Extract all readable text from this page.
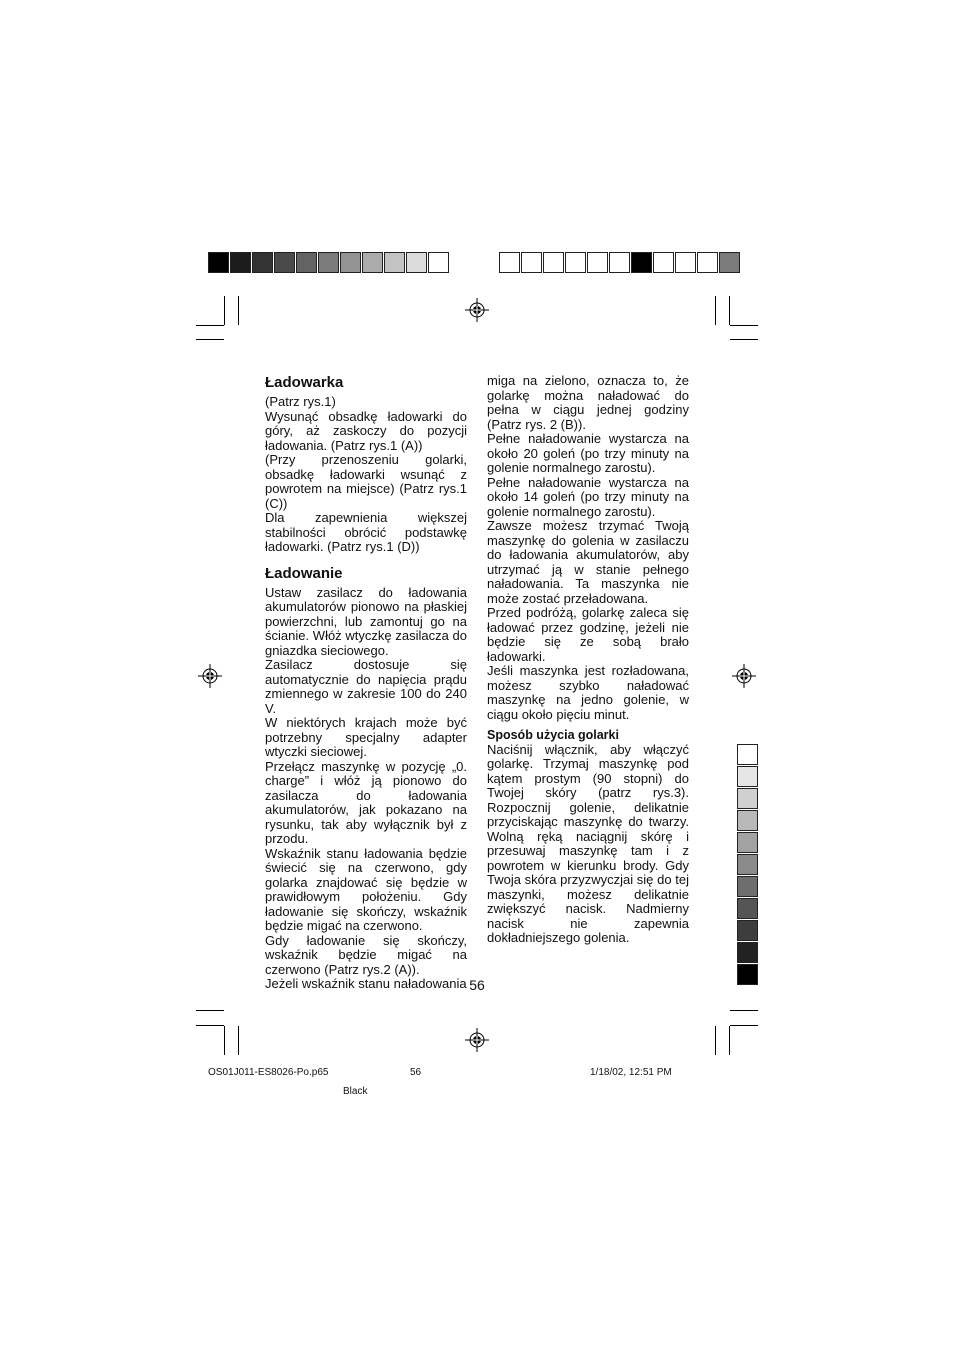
Ładowarka

(Patrz rys.1)

Wysunąć obsadkę ładowarki do góry, aż zaskoczy do pozycji ładowania. (Patrz rys.1 (A))

(Przy przenoszeniu golarki, obsadkę ładowarki wsunąć z powrotem na miejsce) (Patrz rys.1 (C))

Dla zapewnienia większej stabilności obrócić podstawkę ładowarki. (Patrz rys.1 (D))

Ładowanie

Ustaw zasilacz do ładowania akumulatorów pionowo na płaskiej powierzchni, lub zamontuj go na ścianie. Włóż wtyczkę zasilacza do gniazdka sieciowego.

Zasilacz dostosuje się automatycznie do napięcia prądu zmiennego w zakresie 100 do 240 V.

W niektórych krajach może być potrzebny specjalny adapter wtyczki sieciowej.

Przełącz maszynkę w pozycję „0. charge” i włóż ją pionowo do zasilacza do ładowania akumulatorów, jak pokazano na rysunku, tak aby wyłącznik był z przodu.

Wskaźnik stanu ładowania będzie świecić się na czerwono, gdy golarka znajdować się będzie w prawidłowym położeniu. Gdy ładowanie się skończy, wskaźnik będzie migać na czerwono.

Gdy ładowanie się skończy, wskaźnik będzie migać na czerwono (Patrz rys.2 (A)).

Jeżeli wskaźnik stanu naładowania

miga na zielono, oznacza to, że golarkę można naładować do pełna w ciągu jednej godziny (Patrz rys. 2 (B)).

Pełne naładowanie wystarcza na około 20 goleń (po trzy minuty na golenie normalnego zarostu).

Pełne naładowanie wystarcza na około 14 goleń (po trzy minuty na golenie normalnego zarostu).

Zawsze możesz trzymać Twoją maszynkę do golenia w zasilaczu do ładowania akumulatorów, aby utrzymać ją w stanie pełnego naładowania. Ta maszynka nie może zostać przeładowana.

Przed podróżą, golarkę zaleca się ładować przez godzinę, jeżeli nie będzie się ze sobą brało ładowarki.

Jeśli maszynka jest rozładowana, możesz szybko naładować maszynkę na jedno golenie, w ciągu około pięciu minut.

Sposób użycia golarki

Naciśnij włącznik, aby włączyć golarkę. Trzymaj maszynkę pod kątem prostym (90 stopni) do Twojej skóry (patrz rys.3). Rozpocznij golenie, delikatnie przyciskając maszynkę do twarzy. Wolną ręką naciągnij skórę i przesuwaj maszynkę tam i z powrotem w kierunku brody. Gdy Twoja skóra przyzwyczjai się do tej maszynki, możesz delikatnie zwiększyć nacisk. Nadmierny nacisk nie zapewnia dokładniejszego golenia.

56
OS01J011-ES8026-Po.p65	56	1/18/02, 12:51 PM
Black
